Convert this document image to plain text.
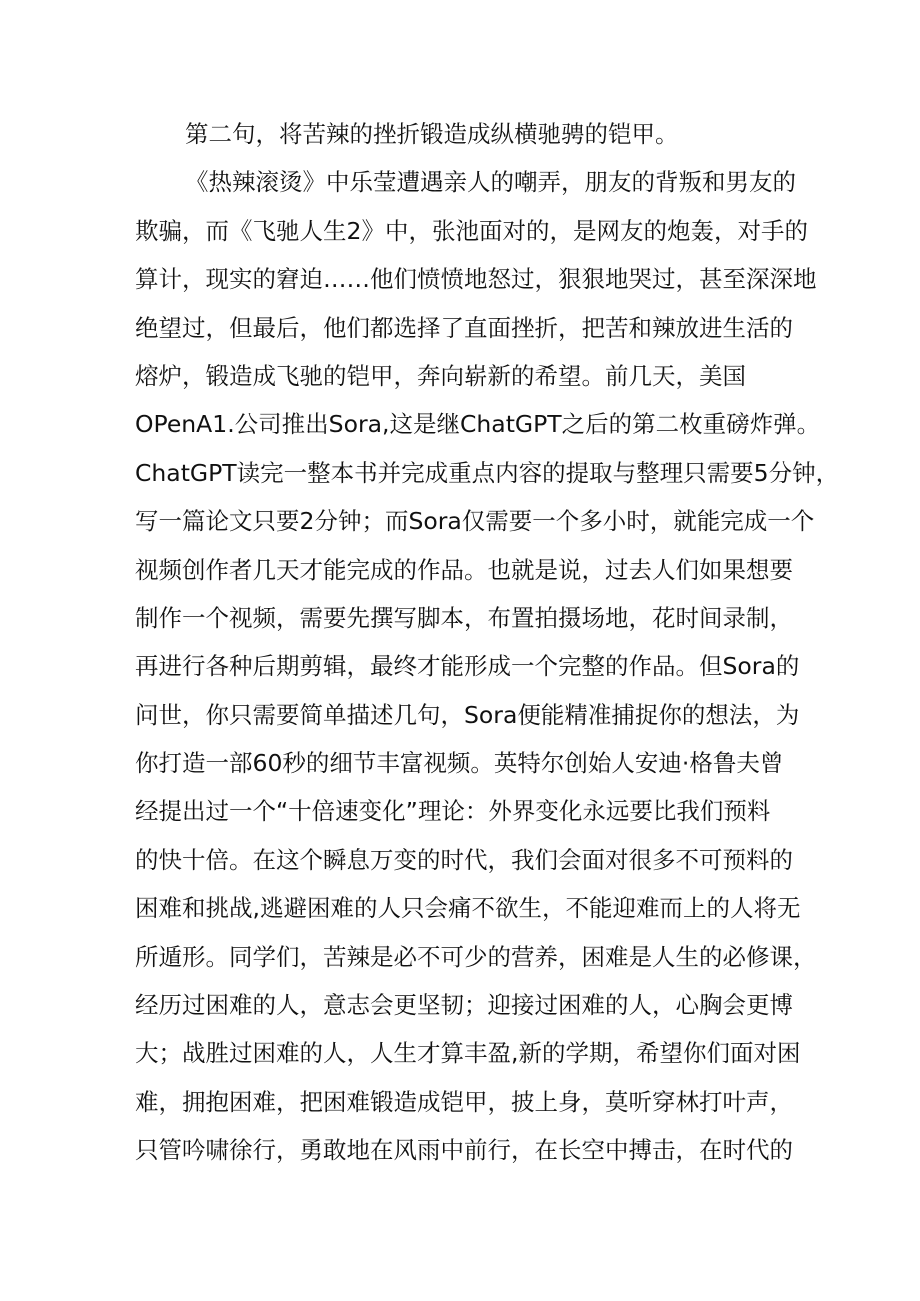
第二句，将苦辣的挫折锻造成纵横驰骋的铠甲。
《热辣滚烫》中乐莹遭遇亲人的嘲弄，朋友的背叛和男友的
欺骗，而《飞驰人生2》中，张池面对的，是网友的炮轰，对手的
算计，现实的窘迫……他们愤愤地怒过，狠狠地哭过，甚至深深地
绝望过，但最后，他们都选择了直面挫折，把苦和辣放进生活的
熔炉，锻造成飞驰的铠甲，奔向崭新的希望。前几天，美国
OPenA1.公司推出Sora,这是继ChatGPT之后的第二枚重磅炸弹。
ChatGPT读完一整本书并完成重点内容的提取与整理只需要5分钟，
写一篇论文只要2分钟；而Sora仅需要一个多小时，就能完成一个
视频创作者几天才能完成的作品。也就是说，过去人们如果想要
制作一个视频，需要先撰写脚本，布置拍摄场地，花时间录制，
再进行各种后期剪辑，最终才能形成一个完整的作品。但Sora的
问世，你只需要简单描述几句，Sora便能精准捕捉你的想法，为
你打造一部60秒的细节丰富视频。英特尔创始人安迪·格鲁夫曾
经提出过一个“十倍速变化”理论：外界变化永远要比我们预料
的快十倍。在这个瞬息万变的时代，我们会面对很多不可预料的
困难和挑战,逃避困难的人只会痛不欲生，不能迎难而上的人将无
所遁形。同学们，苦辣是必不可少的营养，困难是人生的必修课，
经历过困难的人，意志会更坚韧；迎接过困难的人，心胸会更博
大；战胜过困难的人，人生才算丰盈,新的学期，希望你们面对困
难，拥抱困难，把困难锻造成铠甲，披上身，莫听穿林打叶声，
只管吟啸徐行，勇敢地在风雨中前行，在长空中搏击，在时代的
